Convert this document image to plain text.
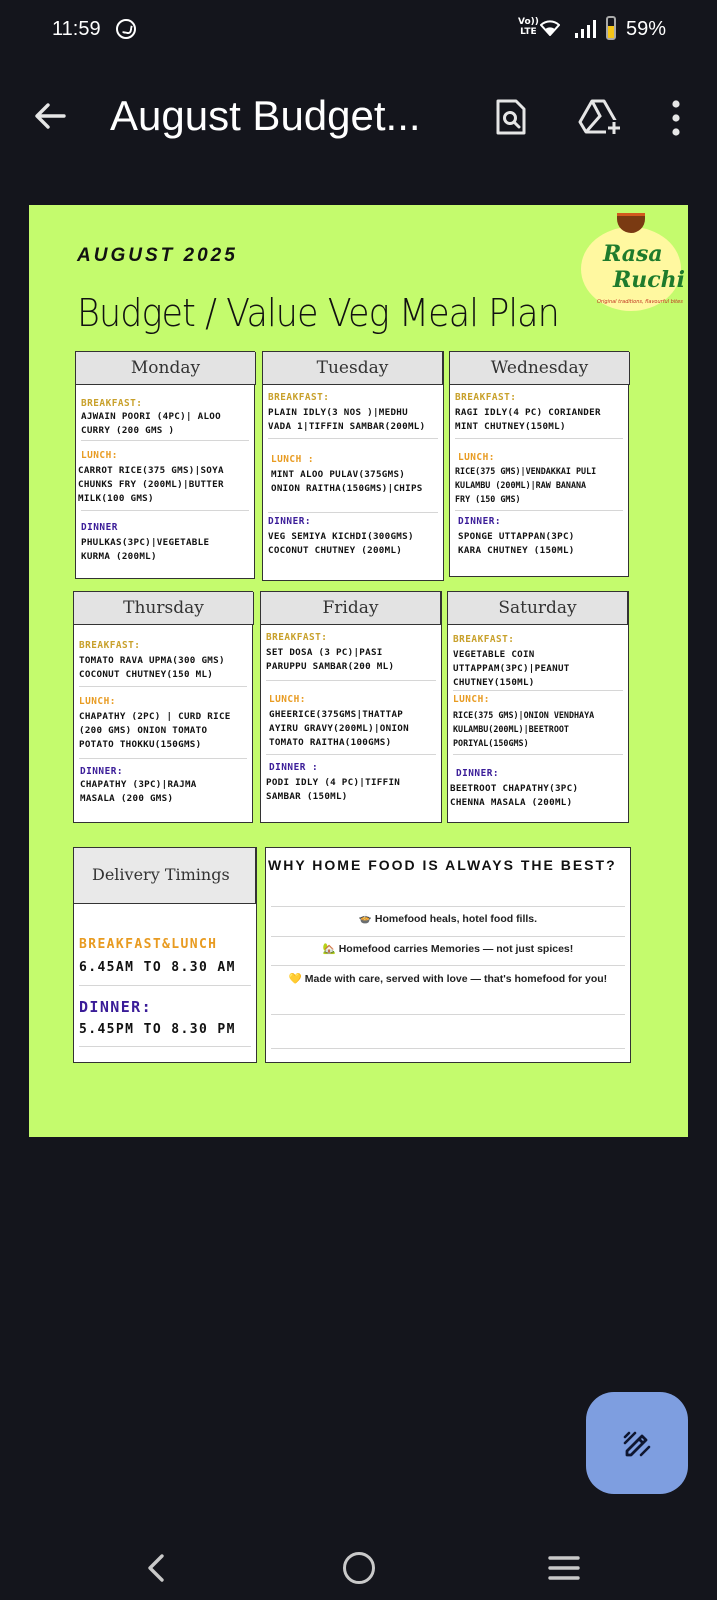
11:59	Vo))
LTE	59%
August Budget...
AUGUST 2025
Budget / Value Veg Meal Plan
Rasa
Ruchi
Original traditions, flavourful bites
Monday
BREAKFAST:
AJWAIN POORI (4PC)| ALOO
CURRY (200 GMS )
LUNCH:
CARROT RICE(375 GMS)|SOYA
CHUNKS FRY (200ML)|BUTTER
MILK(100 GMS)
DINNER
PHULKAS(3PC)|VEGETABLE
KURMA (200ML)
Tuesday
BREAKFAST:
PLAIN IDLY(3 NOS )|MEDHU
VADA 1|TIFFIN SAMBAR(200ML)
LUNCH :
MINT ALOO PULAV(375GMS)
ONION RAITHA(150GMS)|CHIPS
DINNER:
VEG SEMIYA KICHDI(300GMS)
COCONUT CHUTNEY (200ML)
Wednesday
BREAKFAST:
RAGI IDLY(4 PC) CORIANDER
MINT CHUTNEY(150ML)
LUNCH:
RICE(375 GMS)|VENDAKKAI PULI
KULAMBU (200ML)|RAW BANANA
FRY (150 GMS)
DINNER:
SPONGE UTTAPPAN(3PC)
KARA CHUTNEY (150ML)
Thursday
BREAKFAST:
TOMATO RAVA UPMA(300 GMS)
COCONUT CHUTNEY(150 ML)
LUNCH:
CHAPATHY (2PC) | CURD RICE
(200 GMS) ONION TOMATO
POTATO THOKKU(150GMS)
DINNER:
CHAPATHY (3PC)|RAJMA
MASALA (200 GMS)
Friday
BREAKFAST:
SET DOSA (3 PC)|PASI
PARUPPU SAMBAR(200 ML)
LUNCH:
GHEERICE(375GMS|THATTAP
AYIRU GRAVY(200ML)|ONION
TOMATO RAITHA(100GMS)
DINNER :
PODI IDLY (4 PC)|TIFFIN
SAMBAR (150ML)
Saturday
BREAKFAST:
VEGETABLE COIN
UTTAPPAM(3PC)|PEANUT
CHUTNEY(150ML)
LUNCH:
RICE(375 GMS)|ONION VENDHAYA
KULAMBU(200ML)|BEETROOT
PORIYAL(150GMS)
DINNER:
BEETROOT CHAPATHY(3PC)
CHENNA MASALA (200ML)
Delivery Timings
BREAKFAST&LUNCH
6.45AM TO 8.30 AM
DINNER:
5.45PM TO 8.30 PM
WHY HOME FOOD IS ALWAYS THE BEST?
🍲 Homefood heals, hotel food fills.
🏡 Homefood carries Memories — not just spices!
💛 Made with care, served with love — that's homefood for you!
